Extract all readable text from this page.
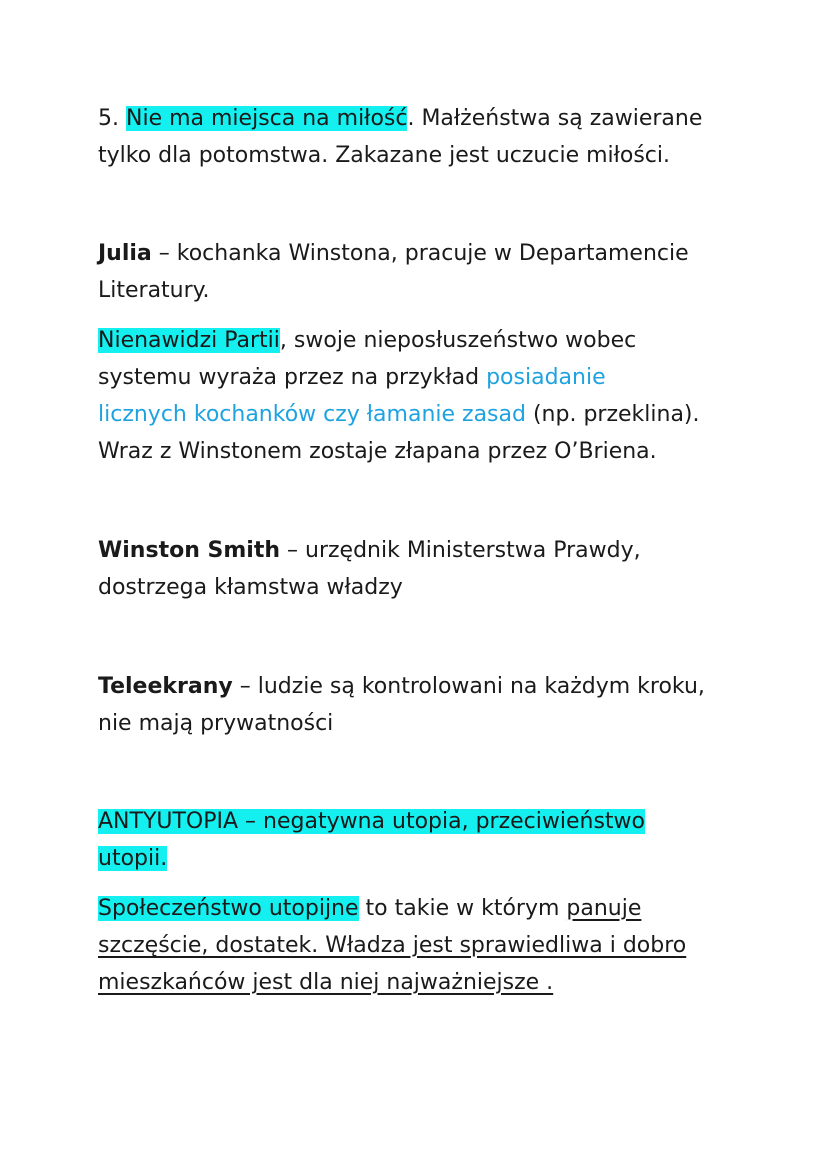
5. Nie ma miejsca na miłość. Małżeństwa są zawierane
tylko dla potomstwa. Zakazane jest uczucie miłości.
Julia – kochanka Winstona, pracuje w Departamencie
Literatury.
Nienawidzi Partii, swoje nieposłuszeństwo wobec
systemu wyraża przez na przykład posiadanie
licznych kochanków czy łamanie zasad (np. przeklina).
Wraz z Winstonem zostaje złapana przez O’Briena.
Winston Smith – urzędnik Ministerstwa Prawdy,
dostrzega kłamstwa władzy
Teleekrany – ludzie są kontrolowani na każdym kroku,
nie mają prywatności
ANTYUTOPIA – negatywna utopia, przeciwieństwo
utopii.
Społeczeństwo utopijne to takie w którym panuje
szczęście, dostatek. Władza jest sprawiedliwa i dobro
mieszkańców jest dla niej najważniejsze .
